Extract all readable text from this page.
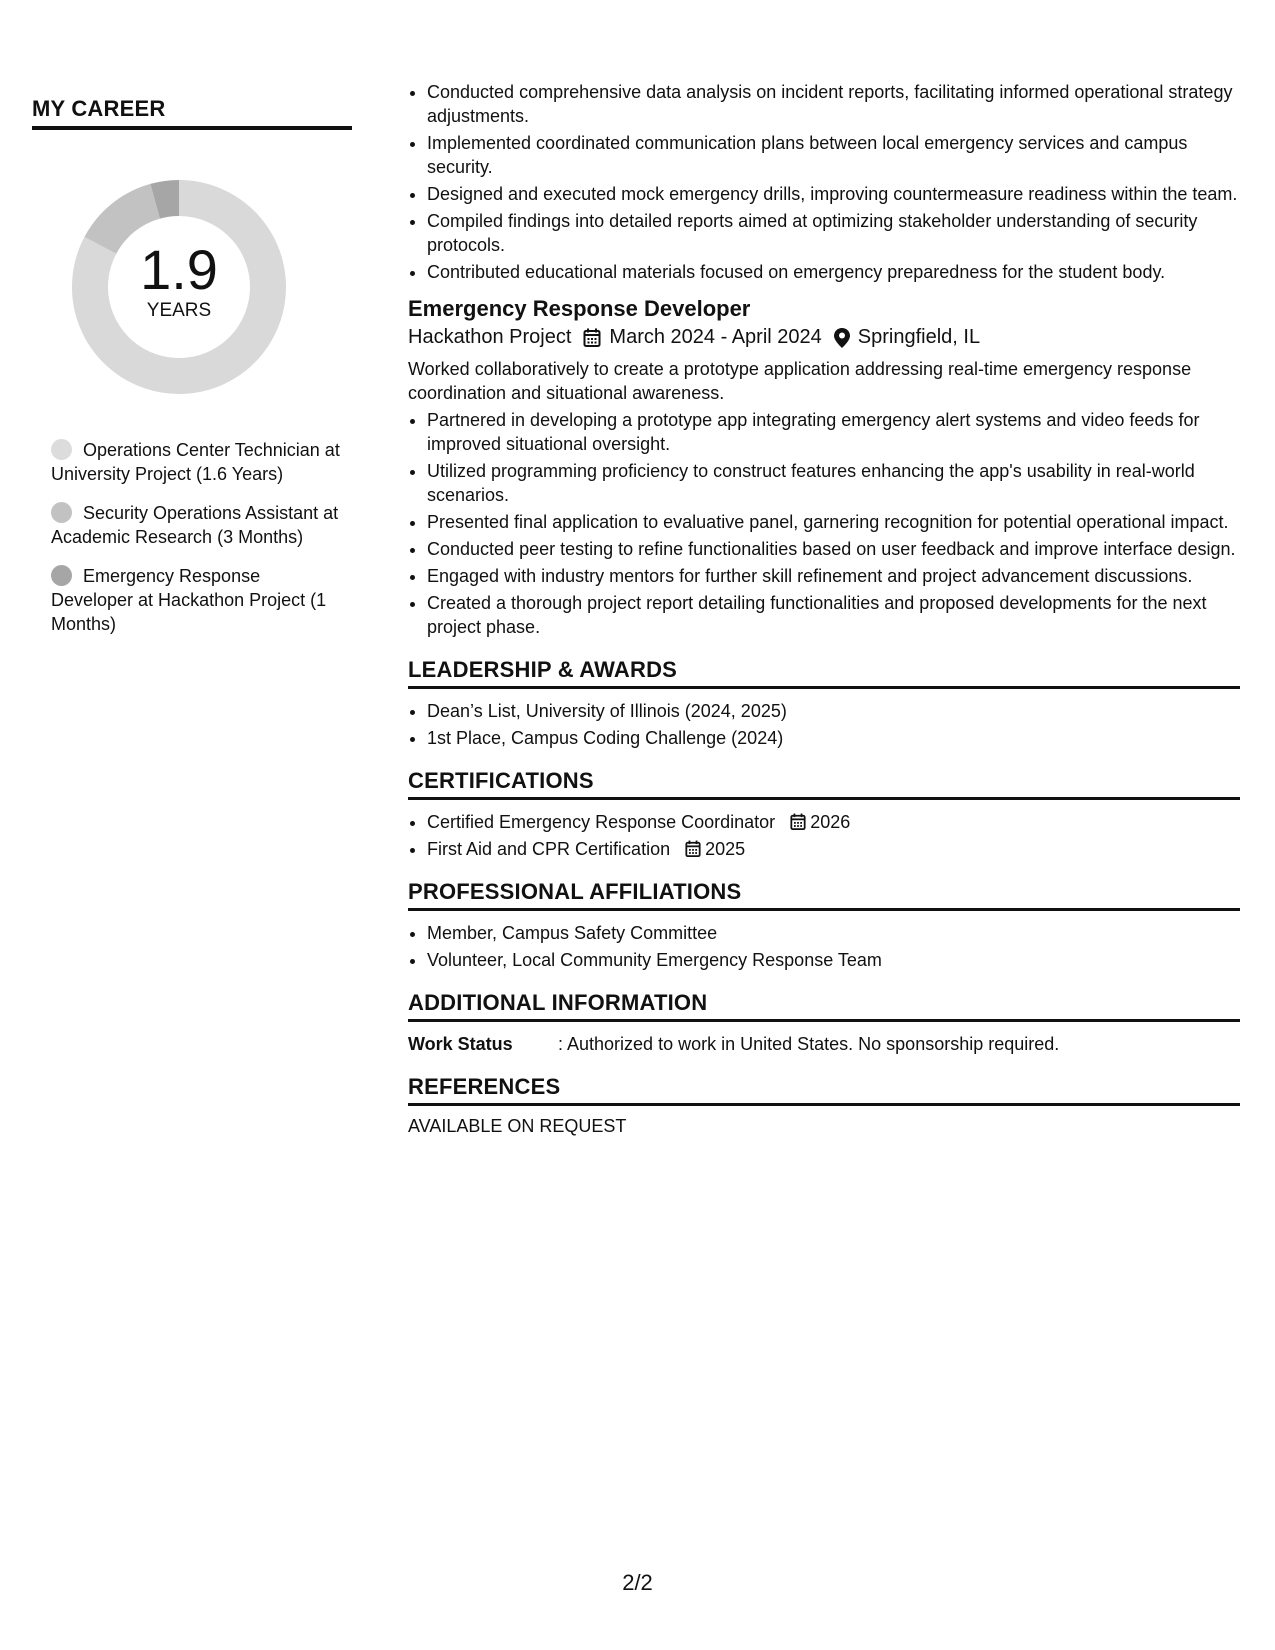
MY CAREER
1.9
YEARS
Operations Center Technician at University Project (1.6 Years)
Security Operations Assistant at Academic Research (3 Months)
Emergency Response Developer at Hackathon Project (1 Months)
• Conducted comprehensive data analysis on incident reports, facilitating informed operational strategy adjustments.
• Implemented coordinated communication plans between local emergency services and campus security.
• Designed and executed mock emergency drills, improving countermeasure readiness within the team.
• Compiled findings into detailed reports aimed at optimizing stakeholder understanding of security protocols.
• Contributed educational materials focused on emergency preparedness for the student body.
Emergency Response Developer
Hackathon Project March 2024 - April 2024 Springfield, IL
Worked collaboratively to create a prototype application addressing real-time emergency response coordination and situational awareness.
• Partnered in developing a prototype app integrating emergency alert systems and video feeds for improved situational oversight.
• Utilized programming proficiency to construct features enhancing the app's usability in real-world scenarios.
• Presented final application to evaluative panel, garnering recognition for potential operational impact.
• Conducted peer testing to refine functionalities based on user feedback and improve interface design.
• Engaged with industry mentors for further skill refinement and project advancement discussions.
• Created a thorough project report detailing functionalities and proposed developments for the next project phase.
LEADERSHIP & AWARDS
• Dean’s List, University of Illinois (2024, 2025)
• 1st Place, Campus Coding Challenge (2024)
CERTIFICATIONS
• Certified Emergency Response Coordinator 2026
• First Aid and CPR Certification 2025
PROFESSIONAL AFFILIATIONS
• Member, Campus Safety Committee
• Volunteer, Local Community Emergency Response Team
ADDITIONAL INFORMATION
Work Status	: Authorized to work in United States. No sponsorship required.
REFERENCES
AVAILABLE ON REQUEST
2/2
